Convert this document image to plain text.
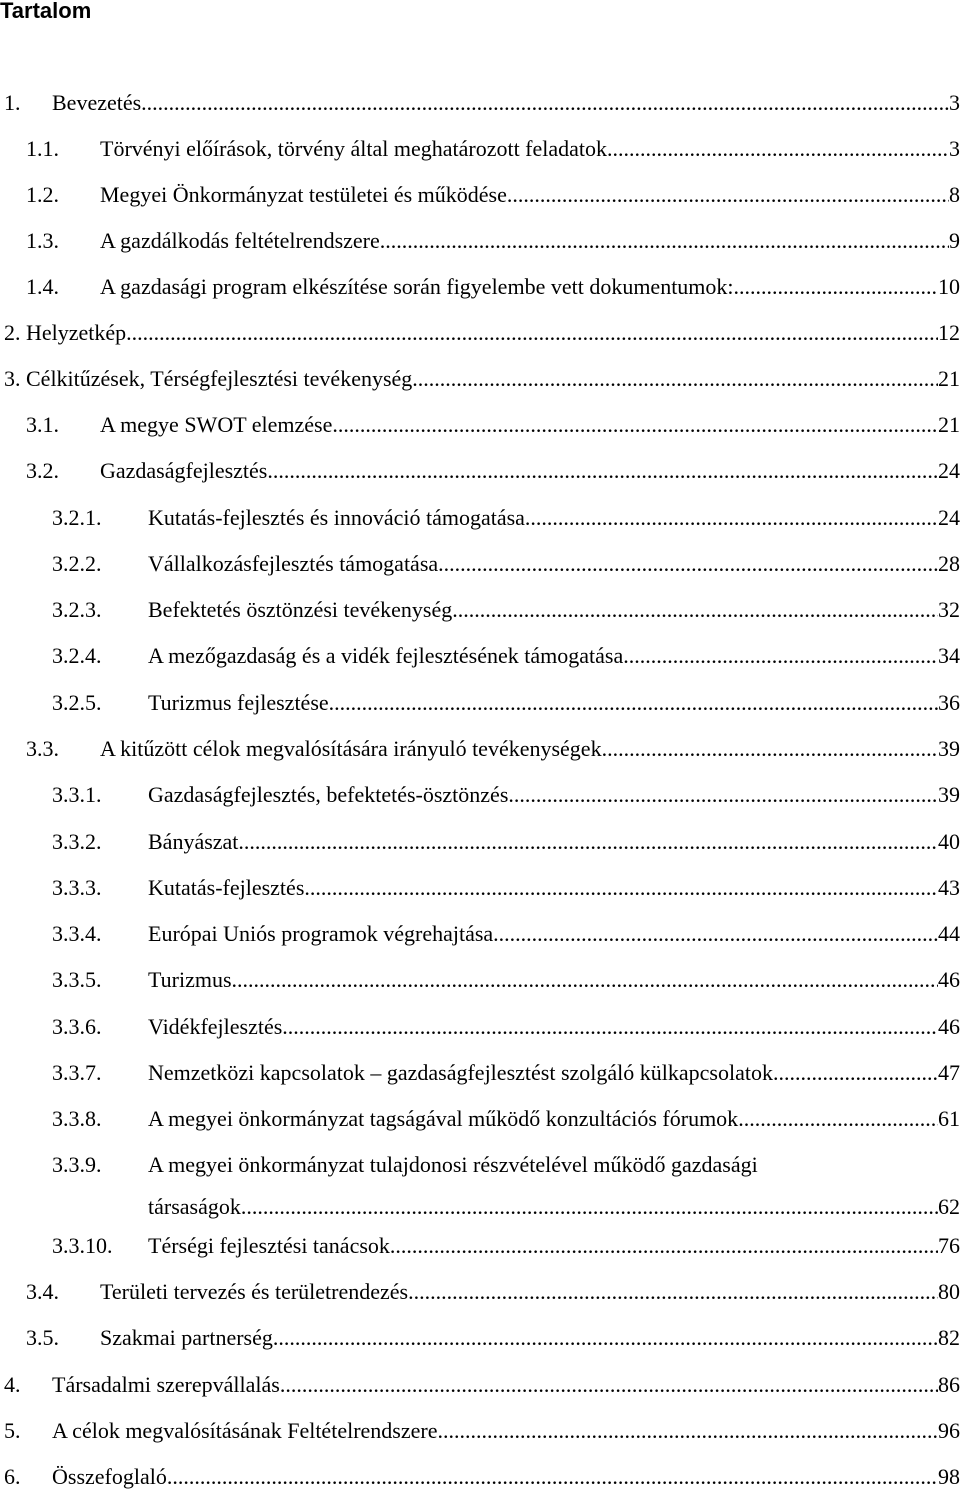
Tartalom
1. Bevezetés .....	3
1.1. Törvényi előírások, törvény által meghatározott feladatok .....	3
1.2. Megyei Önkormányzat testületei és működése .....	8
1.3. A gazdálkodás feltételrendszere .....	9
1.4. A gazdasági program elkészítése során figyelembe vett dokumentumok: .....	10
2. Helyzetkép .....	12
3. Célkitűzések, Térségfejlesztési tevékenység .....	21
3.1. A megye SWOT elemzése .....	21
3.2. Gazdaságfejlesztés .....	24
3.2.1. Kutatás-fejlesztés és innováció támogatása .....	24
3.2.2. Vállalkozásfejlesztés támogatása .....	28
3.2.3. Befektetés ösztönzési tevékenység .....	32
3.2.4. A mezőgazdaság és a vidék fejlesztésének támogatása .....	34
3.2.5. Turizmus fejlesztése .....	36
3.3. A kitűzött célok megvalósítására irányuló tevékenységek .....	39
3.3.1. Gazdaságfejlesztés, befektetés-ösztönzés .....	39
3.3.2. Bányászat .....	40
3.3.3. Kutatás-fejlesztés .....	43
3.3.4. Európai Uniós programok végrehajtása .....	44
3.3.5. Turizmus .....	46
3.3.6. Vidékfejlesztés .....	46
3.3.7. Nemzetközi kapcsolatok – gazdaságfejlesztést szolgáló külkapcsolatok .....	47
3.3.8. A megyei önkormányzat tagságával működő konzultációs fórumok .....	61
3.3.9. A megyei önkormányzat tulajdonosi részvételével működő gazdasági
társaságok .....	62
3.3.10. Térségi fejlesztési tanácsok .....	76
3.4. Területi tervezés és területrendezés .....	80
3.5. Szakmai partnerség .....	82
4. Társadalmi szerepvállalás .....	86
5. A célok megvalósításának Feltételrendszere .....	96
6. Összefoglaló .....	98
